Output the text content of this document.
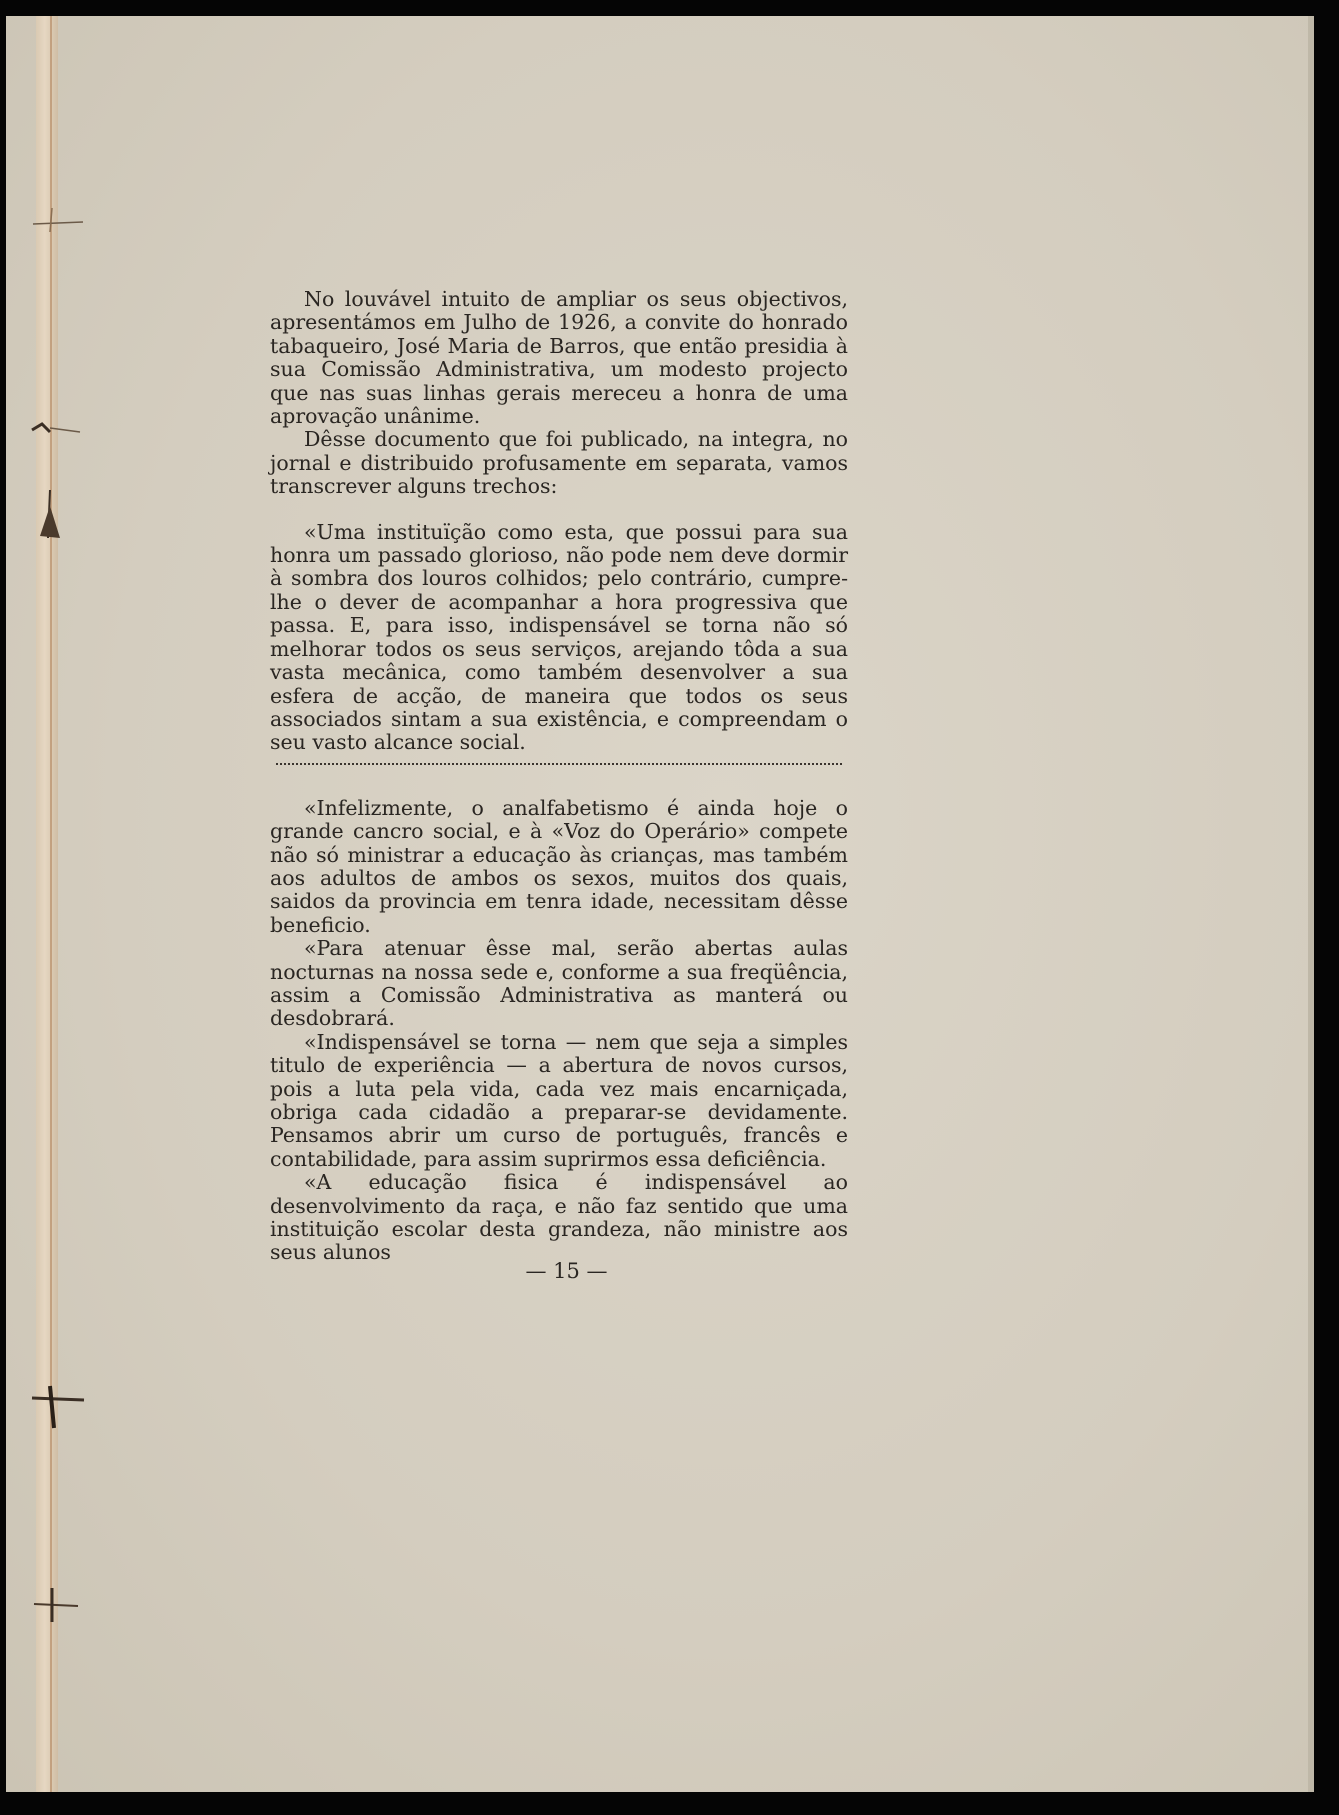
No louvável intuito de ampliar os seus objectivos, apresentámos em Julho de 1926, a convite do honrado tabaqueiro, José Maria de Barros, que então presidia à sua Comissão Administrativa, um modesto projecto que nas suas linhas gerais mereceu a honra de uma aprovação unânime.

Dêsse documento que foi publicado, na integra, no jornal e distribuido profusamente em separata, vamos transcrever alguns trechos:

«Uma instituïção como esta, que possui para sua honra um passado glorioso, não pode nem deve dormir à sombra dos louros colhidos; pelo contrário, cumpre-lhe o dever de acompanhar a hora progressiva que passa. E, para isso, indispensável se torna não só melhorar todos os seus serviços, arejando tôda a sua vasta mecânica, como também desenvolver a sua esfera de acção, de maneira que todos os seus associados sintam a sua existência, e compreendam o seu vasto alcance social.

«Infelizmente, o analfabetismo é ainda hoje o grande cancro social, e à «Voz do Operário» compete não só ministrar a educação às crianças, mas também aos adultos de ambos os sexos, muitos dos quais, saidos da provincia em tenra idade, necessitam dêsse beneficio.

«Para atenuar êsse mal, serão abertas aulas nocturnas na nossa sede e, conforme a sua freqüência, assim a Comissão Administrativa as manterá ou desdobrará.

«Indispensável se torna — nem que seja a simples titulo de experiência — a abertura de novos cursos, pois a luta pela vida, cada vez mais encarniçada, obriga cada cidadão a preparar-se devidamente. Pensamos abrir um curso de português, francês e contabilidade, para assim suprirmos essa deficiência.

«A educação fisica é indispensável ao desenvolvimento da raça, e não faz sentido que uma instituição escolar desta grandeza, não ministre aos seus alunos

— 15 —
